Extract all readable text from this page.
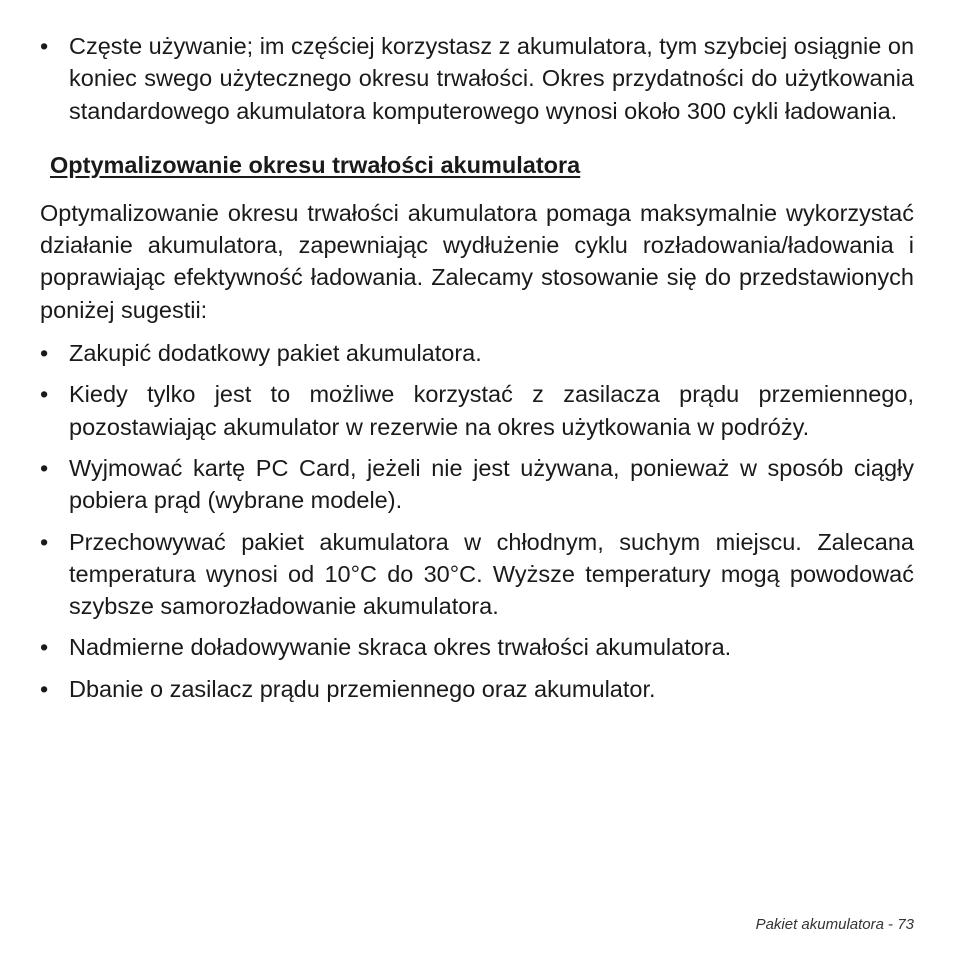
• Częste używanie; im częściej korzystasz z akumulatora, tym szybciej osiągnie on koniec swego użytecznego okresu trwałości. Okres przydatności do użytkowania standardowego akumulatora komputerowego wynosi około 300 cykli ładowania.
Optymalizowanie okresu trwałości akumulatora

Optymalizowanie okresu trwałości akumulatora pomaga maksymalnie wykorzystać działanie akumulatora, zapewniając wydłużenie cyklu rozładowania/ładowania i poprawiając efektywność ładowania. Zalecamy stosowanie się do przedstawionych poniżej sugestii:

• Zakupić dodatkowy pakiet akumulatora.
• Kiedy tylko jest to możliwe korzystać z zasilacza prądu przemiennego, pozostawiając akumulator w rezerwie na okres użytkowania w podróży.
• Wyjmować kartę PC Card, jeżeli nie jest używana, ponieważ w sposób ciągły pobiera prąd (wybrane modele).
• Przechowywać pakiet akumulatora w chłodnym, suchym miejscu. Zalecana temperatura wynosi od 10°C do 30°C. Wyższe temperatury mogą powodować szybsze samorozładowanie akumulatora.
• Nadmierne doładowywanie skraca okres trwałości akumulatora.
• Dbanie o zasilacz prądu przemiennego oraz akumulator.
Pakiet akumulatora - 73
